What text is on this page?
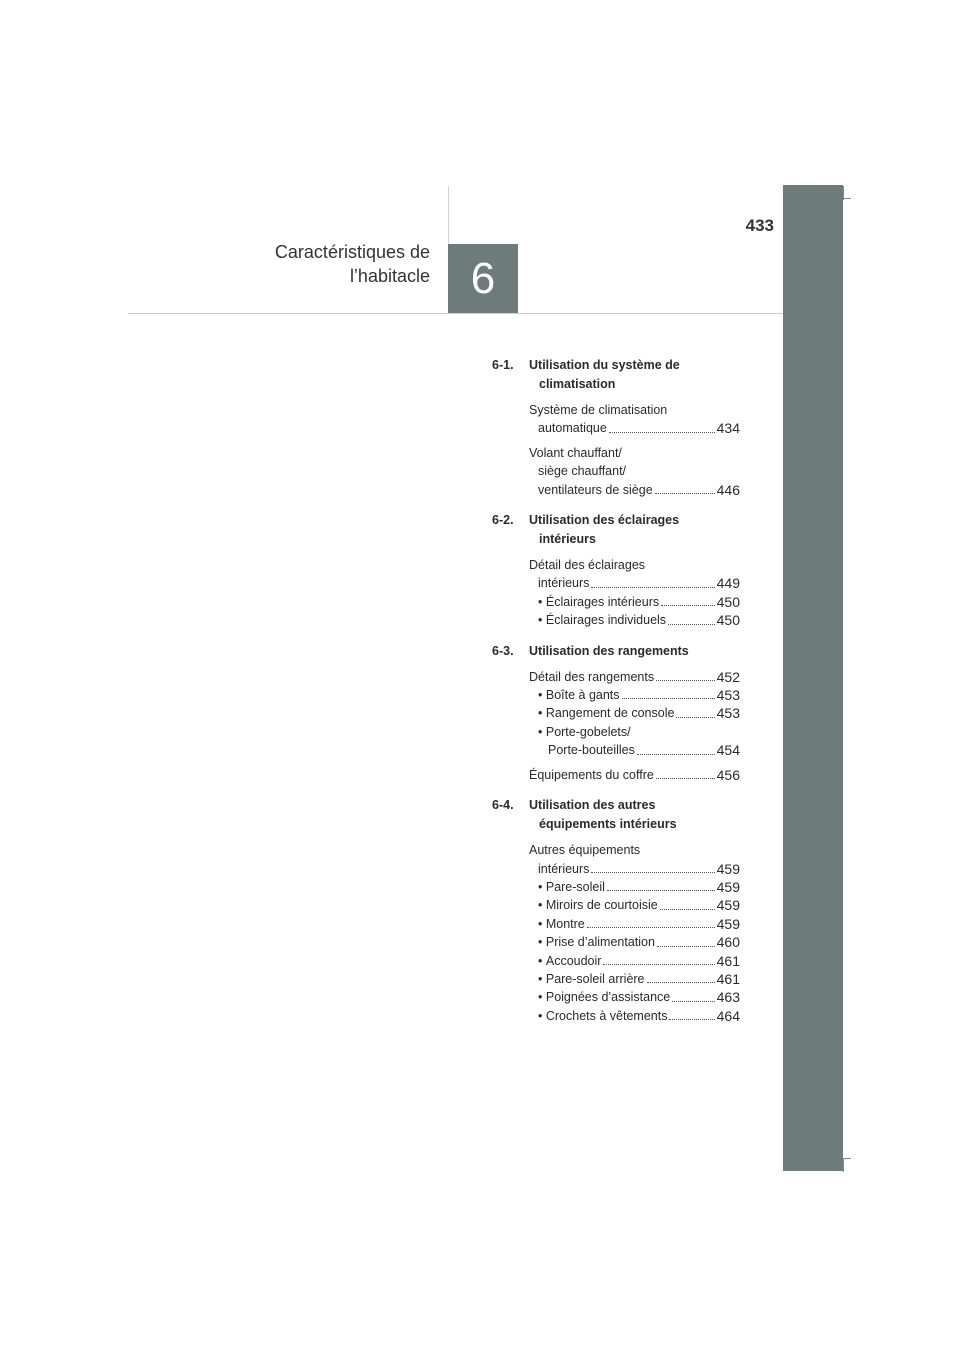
433
Caractéristiques de
l’habitacle 6
6-1.	Utilisation du système de
climatisation
Système de climatisation
automatique	434
Volant chauffant/
siège chauffant/
ventilateurs de siège	446
6-2.	Utilisation des éclairages
intérieurs
Détail des éclairages
intérieurs	449
• Éclairages intérieurs	450
• Éclairages individuels	450
6-3.	Utilisation des rangements
Détail des rangements	452
• Boîte à gants	453
• Rangement de console	453
• Porte-gobelets/
Porte-bouteilles	454
Équipements du coffre	456
6-4.	Utilisation des autres
équipements intérieurs
Autres équipements
intérieurs	459
• Pare-soleil	459
• Miroirs de courtoisie	459
• Montre	459
• Prise d’alimentation	460
• Accoudoir	461
• Pare-soleil arrière	461
• Poignées d’assistance	463
• Crochets à vêtements	464
